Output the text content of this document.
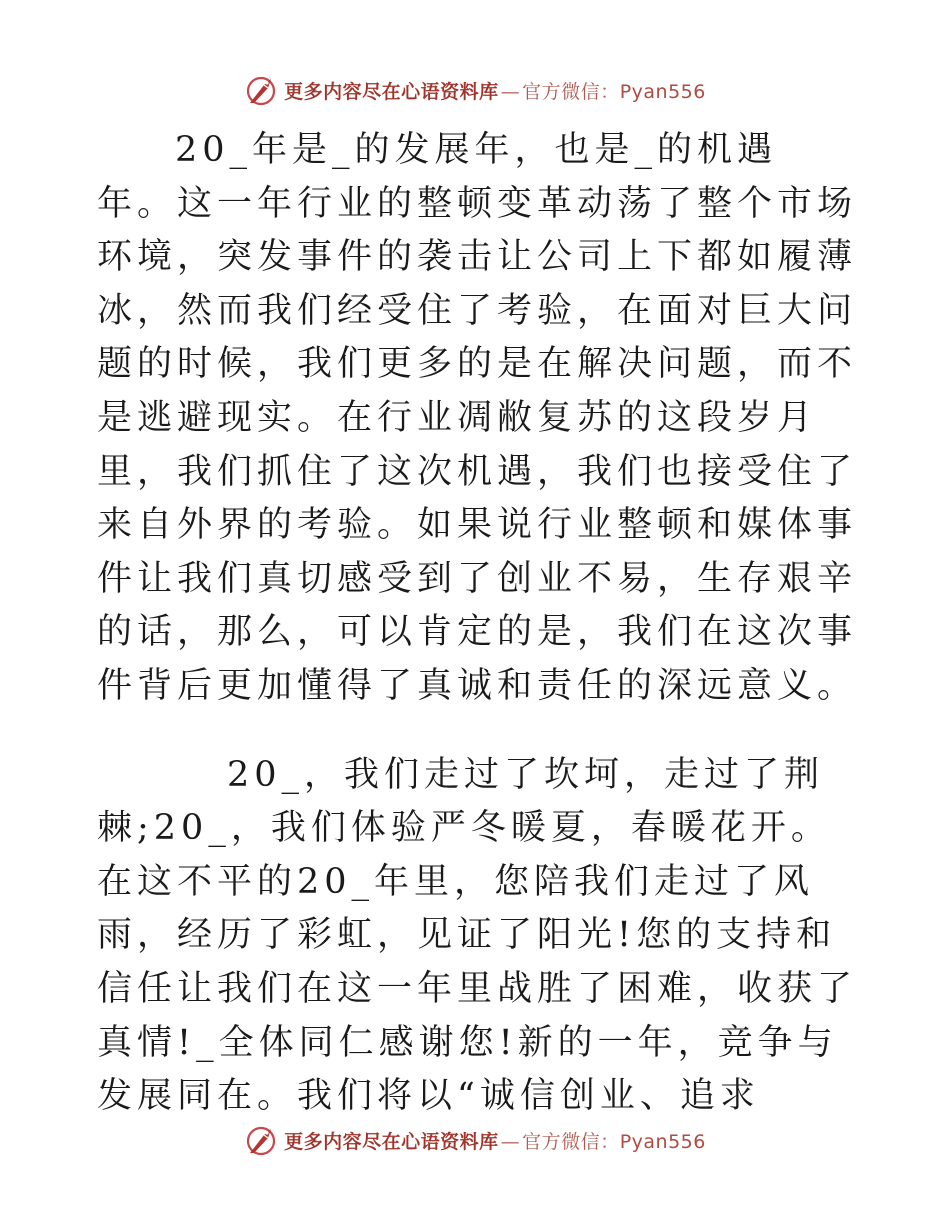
更多内容尽在心语资料库 — 官方微信：Pyan556

20_年是_的发展年，也是_的机遇年。这一年行业的整顿变革动荡了整个市场环境，突发事件的袭击让公司上下都如履薄冰，然而我们经受住了考验，在面对巨大问题的时候，我们更多的是在解决问题，而不是逃避现实。在行业凋敝复苏的这段岁月里，我们抓住了这次机遇，我们也接受住了来自外界的考验。如果说行业整顿和媒体事件让我们真切感受到了创业不易，生存艰辛的话，那么，可以肯定的是，我们在这次事件背后更加懂得了真诚和责任的深远意义。

20_，我们走过了坎坷，走过了荆棘;20_，我们体验严冬暖夏，春暖花开。在这不平的20_年里，您陪我们走过了风雨，经历了彩虹，见证了阳光!您的支持和信任让我们在这一年里战胜了困难，收获了真情!_全体同仁感谢您!新的一年，竞争与发展同在。我们将以“诚信创业、追求

更多内容尽在心语资料库 — 官方微信：Pyan556
